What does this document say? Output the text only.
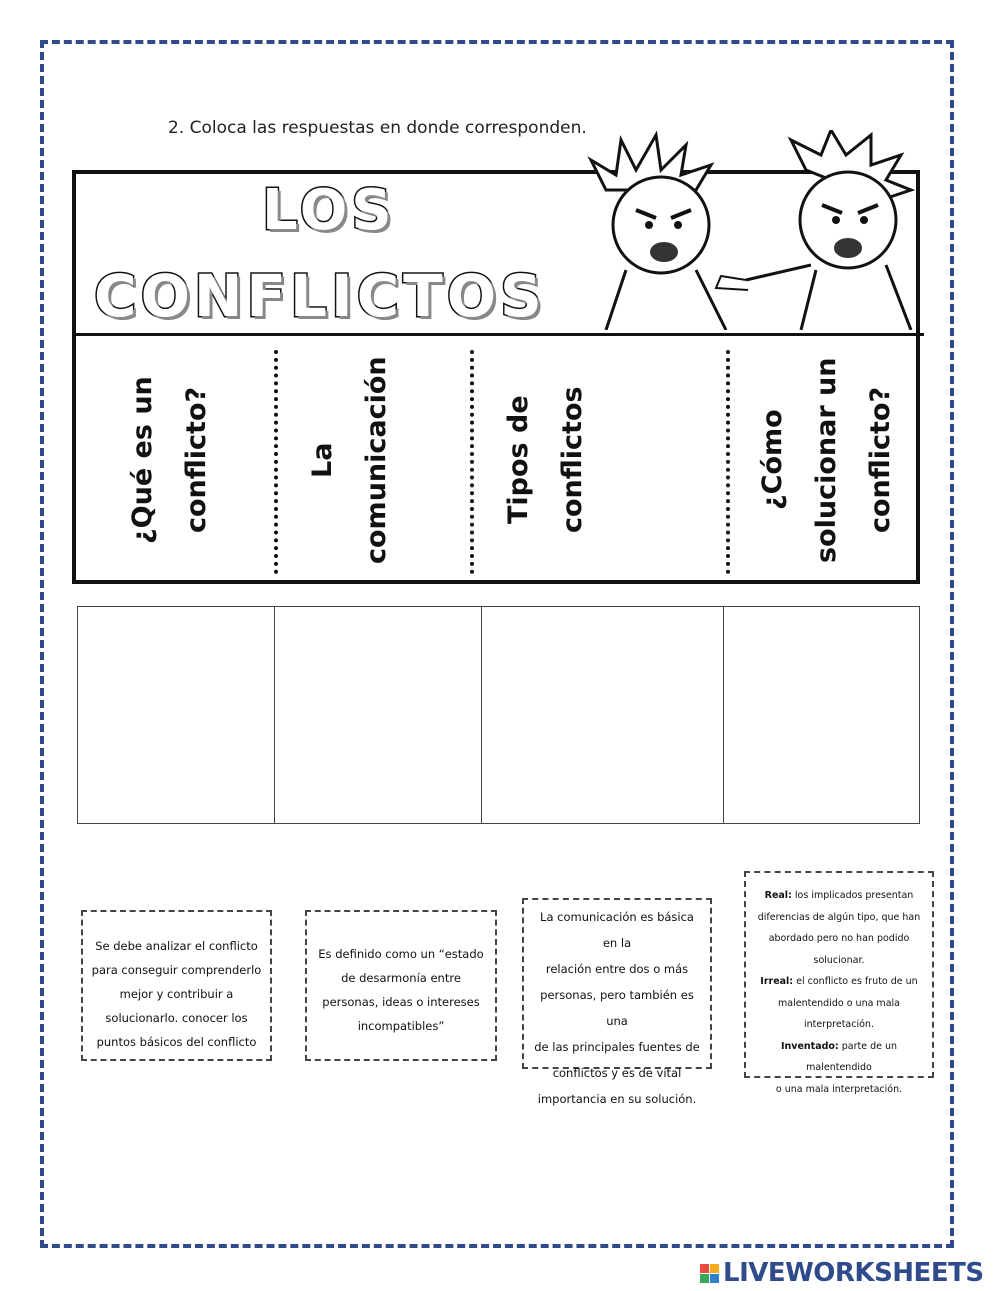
2. Coloca las respuestas en donde corresponden.
LOS
CONFLICTOS
¿Qué es un conflicto?	La comunicación	Tipos de conflictos	¿Cómo solucionar un conflicto?
Se debe analizar el conflicto
para conseguir comprenderlo
mejor y contribuir a
solucionarlo. conocer los
puntos básicos del conflicto
Es definido como un “estado
de desarmonía entre
personas, ideas o intereses
incompatibles”
La comunicación es básica en la
relación entre dos o más
personas, pero también es una
de las principales fuentes de
conflictos y es de vital
importancia en su solución.
Real: los implicados presentan
diferencias de algún tipo, que han
abordado pero no han podido
solucionar.
Irreal: el conflicto es fruto de un
malentendido o una mala
interpretación.
Inventado: parte de un malentendido
o una mala interpretación.
LIVEWORKSHEETS
